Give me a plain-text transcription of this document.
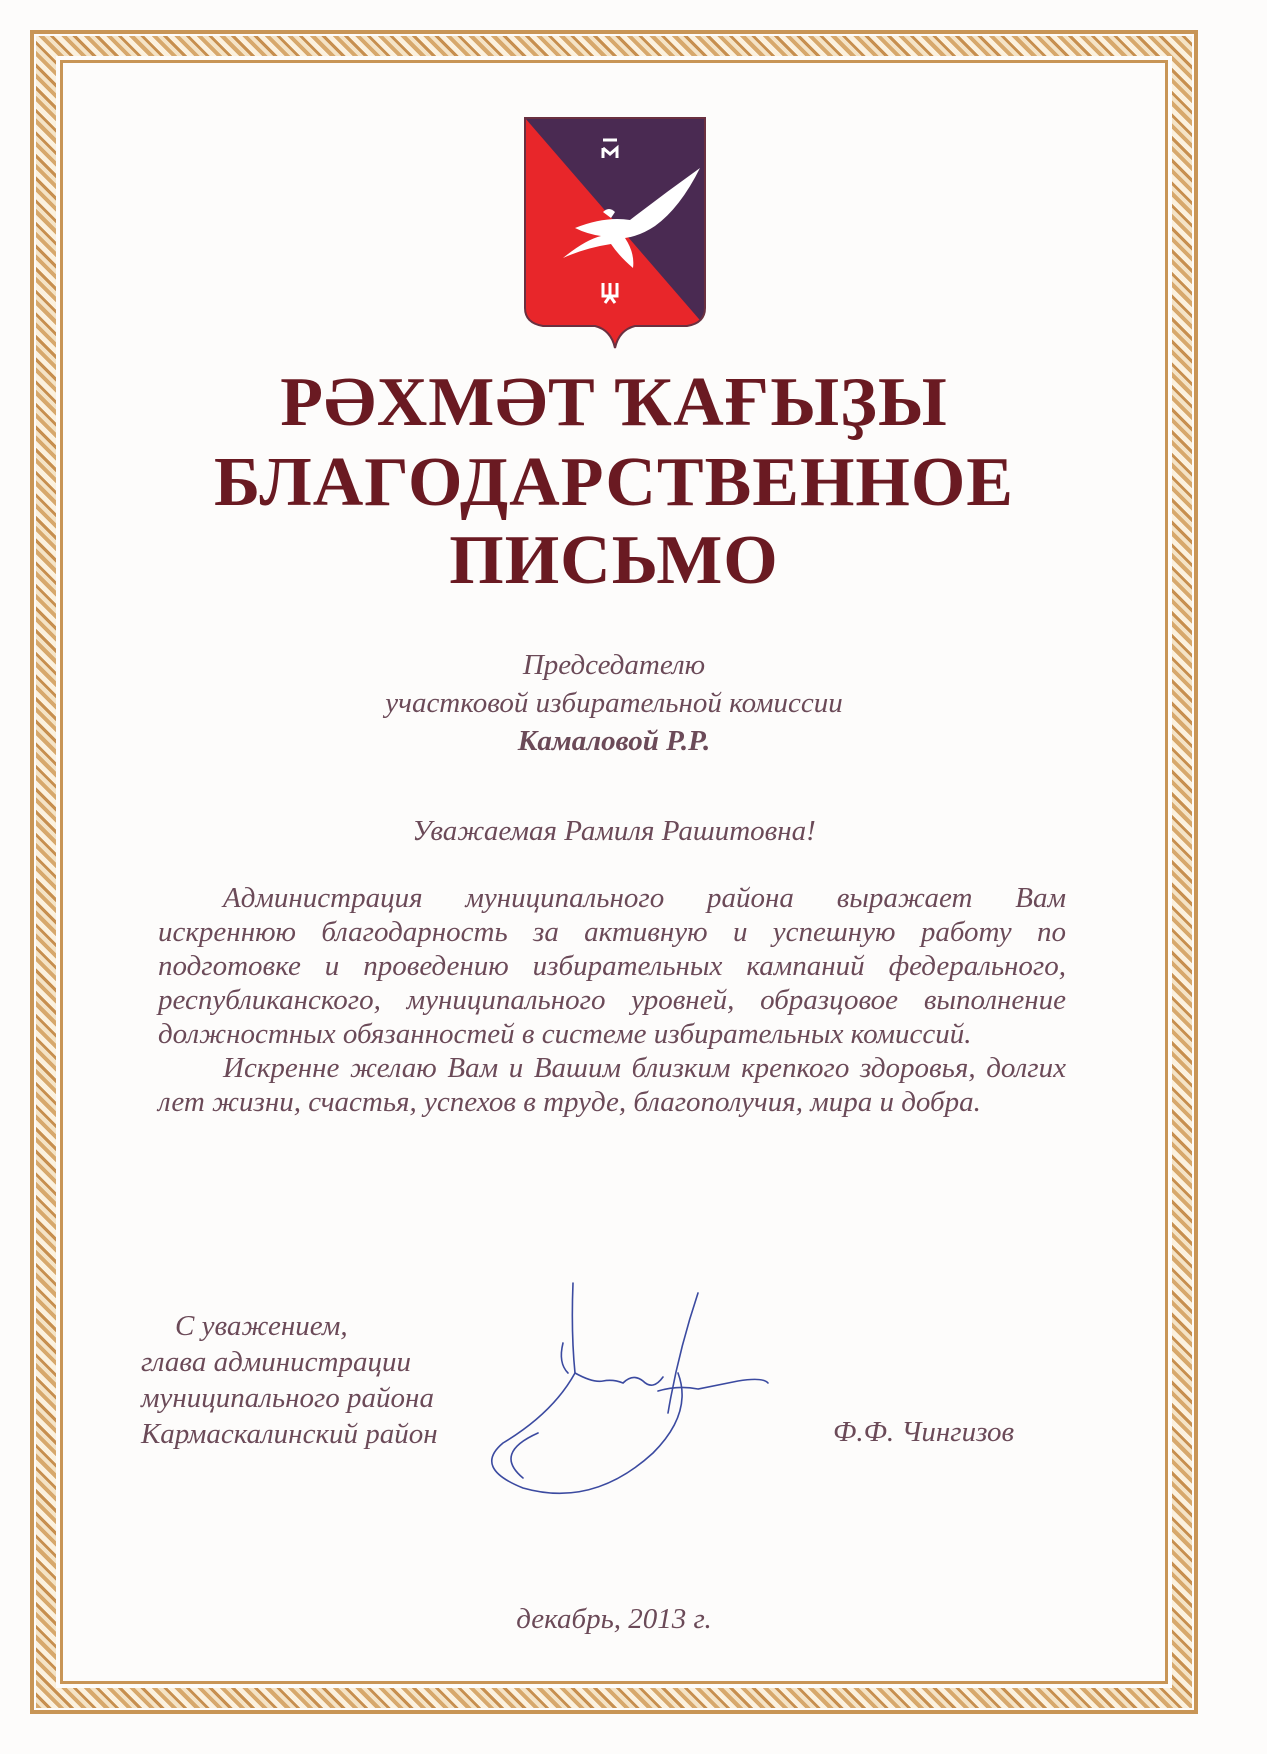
РӘХМӘТ ҠАҒЫҘЫ
БЛАГОДАРСТВЕННОЕ
ПИСЬМО

Председателю

участковой избирательной комиссии

Камаловой Р.Р.

Уважаемая Рамиля Рашитовна!

Администрация муниципального района выражает Вам искреннюю благодарность за активную и успешную работу по подготовке и проведению избирательных кампаний федерального, республиканского, муниципального уровней, образцовое выполнение должностных обязанностей в системе избирательных комиссий.

Искренне желаю Вам и Вашим близким крепкого здоровья, долгих лет жизни, счастья, успехов в труде, благополучия, мира и добра.

С уважением,
глава администрации
муниципального района
Кармаскалинский район	Ф.Ф. Чингизов
декабрь, 2013 г.
